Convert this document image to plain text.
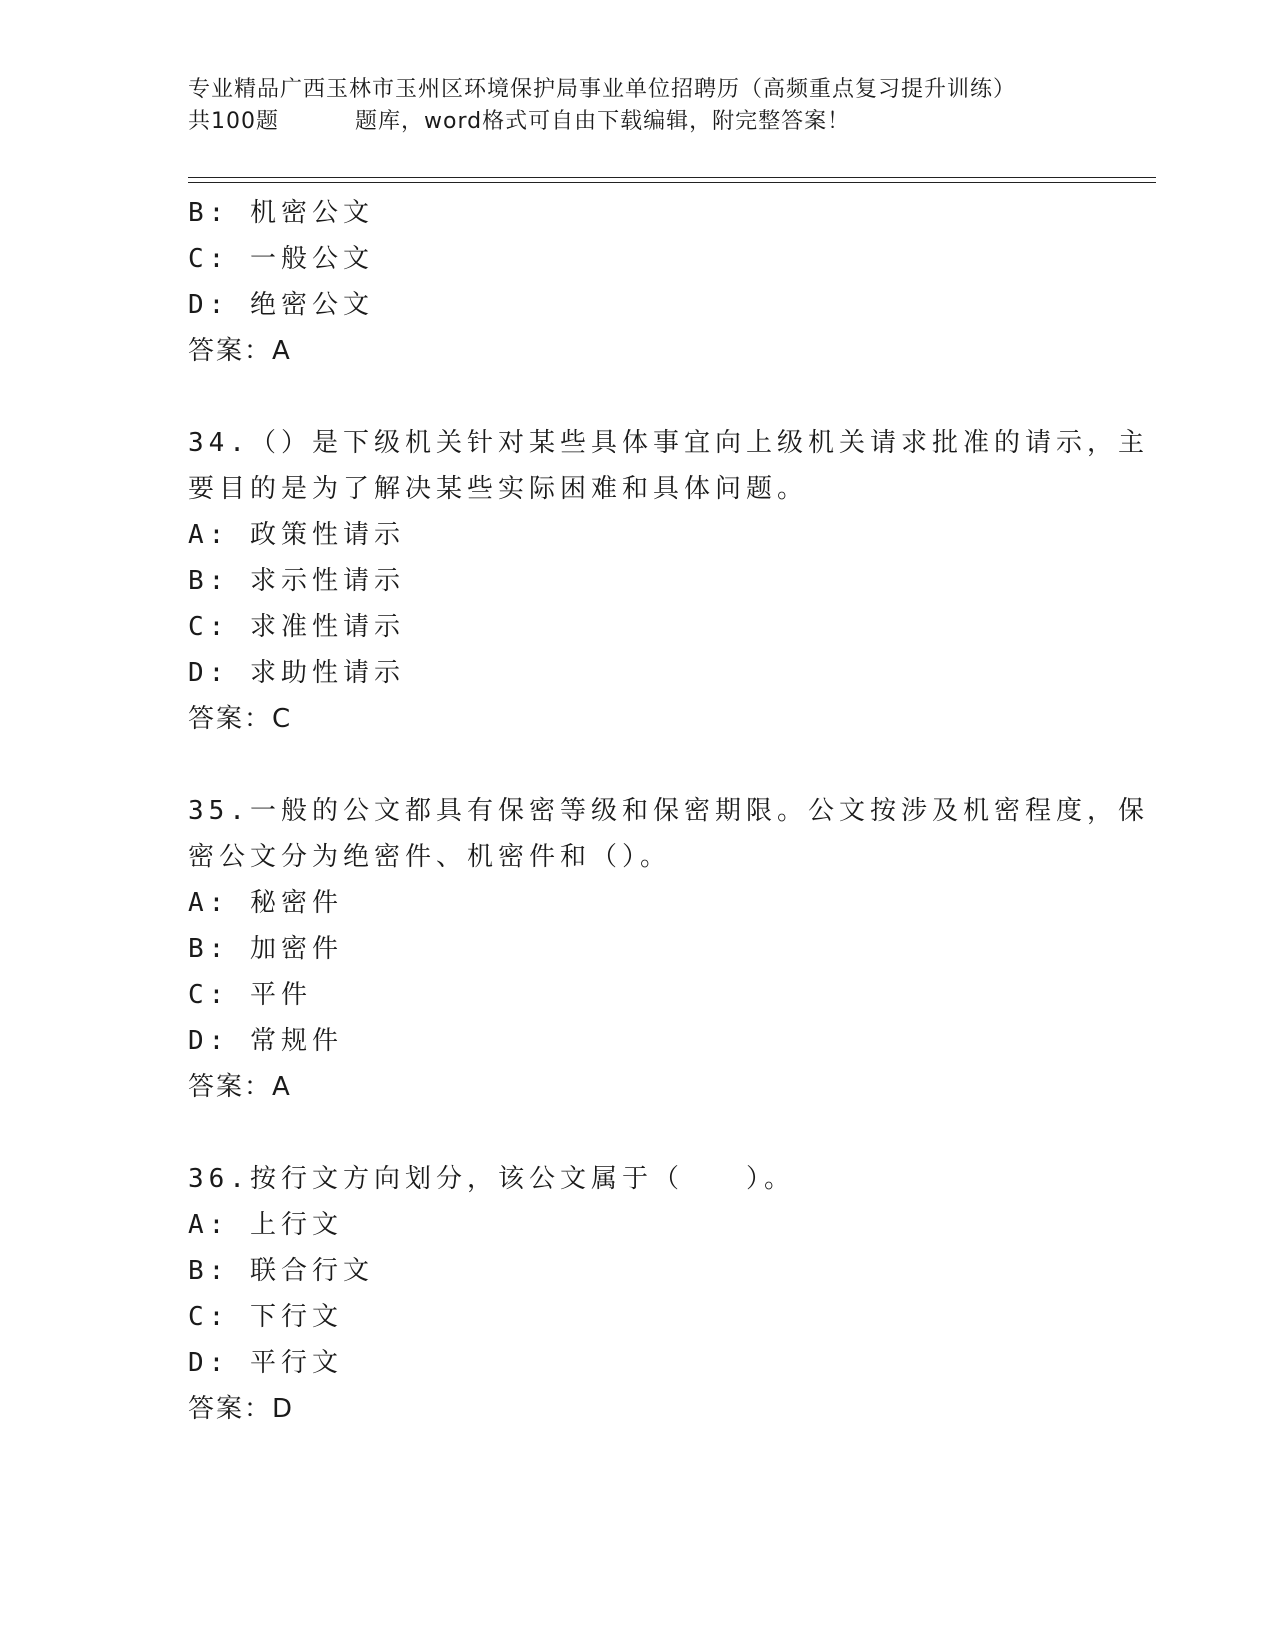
专业精品广西玉林市玉州区环境保护局事业单位招聘历（高频重点复习提升训练）
共100题	题库，word格式可自由下载编辑，附完整答案！
B: 机密公文
C: 一般公文
D: 绝密公文
答案：A
34.（）是下级机关针对某些具体事宜向上级机关请求批准的请示，主
要目的是为了解决某些实际困难和具体问题。
A: 政策性请示
B: 求示性请示
C: 求准性请示
D: 求助性请示
答案：C
35.一般的公文都具有保密等级和保密期限。公文按涉及机密程度，保
密公文分为绝密件、机密件和（）。
A: 秘密件
B: 加密件
C: 平件
D: 常规件
答案：A
36.按行文方向划分，该公文属于（　　）。
A: 上行文
B: 联合行文
C: 下行文
D: 平行文
答案：D
